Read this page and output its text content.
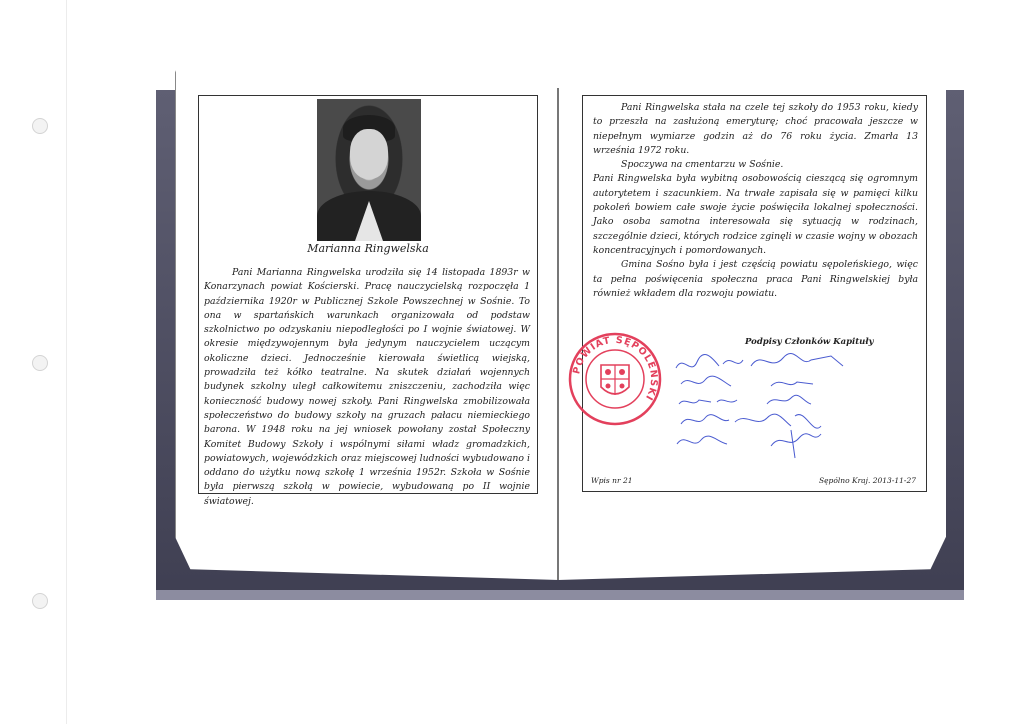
Marianna Ringwelska

Pani Marianna Ringwelska urodziła się 14 listopada 1893r w Konarzynach powiat Kościerski. Pracę nauczycielską rozpoczęła 1 października 1920r w Publicznej Szkole Powszechnej w Sośnie. To ona w spartańskich warunkach organizowała od podstaw szkolnictwo po odzyskaniu niepodległości po I wojnie światowej. W okresie międzywojennym była jedynym nauczycielem uczącym okoliczne dzieci. Jednocześnie kierowała świetlicą wiejską, prowadziła też kółko teatralne. Na skutek działań wojennych budynek szkolny uległ całkowitemu zniszczeniu, zachodziła więc konieczność budowy nowej szkoły. Pani Ringwelska zmobilizowała społeczeństwo do budowy szkoły na gruzach pałacu niemieckiego barona. W 1948 roku na jej wniosek powołany został Społeczny Komitet Budowy Szkoły i wspólnymi siłami władz gromadzkich, powiatowych, wojewódzkich oraz miejscowej ludności wybudowano i oddano do użytku nową szkołę 1 września 1952r. Szkoła w Sośnie była pierwszą szkołą w powiecie, wybudowaną po II wojnie światowej.

Pani Ringwelska stała na czele tej szkoły do 1953 roku, kiedy to przeszła na zasłużoną emeryturę; choć pracowała jeszcze w niepełnym wymiarze godzin aż do 76 roku życia. Zmarła 13 września 1972 roku.

Spoczywa na cmentarzu w Sośnie.

Pani Ringwelska była wybitną osobowością cieszącą się ogromnym autorytetem i szacunkiem. Na trwałe zapisała się w pamięci kilku pokoleń bowiem całe swoje życie poświęciła lokalnej społeczności. Jako osoba samotna interesowała się sytuacją w rodzinach, szczególnie dzieci, których rodzice zginęli w czasie wojny w obozach koncentracyjnych i pomordowanych.

Gmina Sośno była i jest częścią powiatu sępoleńskiego, więc ta pełna poświęcenia społeczna praca Pani Ringwelskiej była również wkładem dla rozwoju powiatu.

Podpisy Członków Kapituły
POWIAT SĘPOLEŃSKI
Wpis nr 21	Sępólno Kraj. 2013-11-27
